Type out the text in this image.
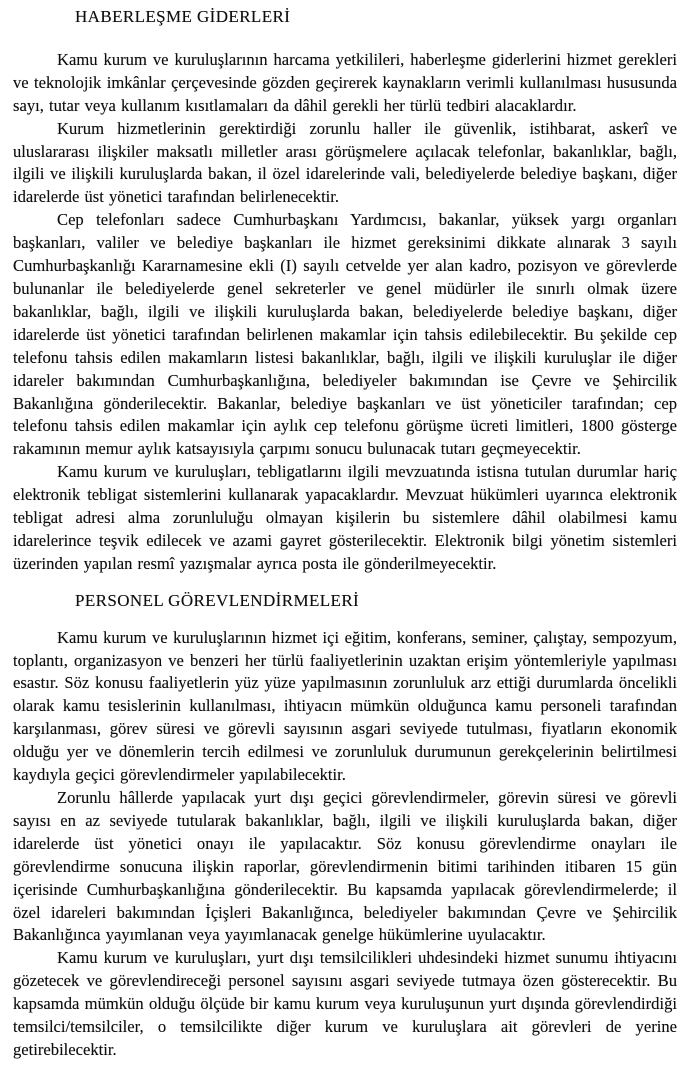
HABERLEŞME GİDERLERİ

Kamu kurum ve kuruluşlarının harcama yetkilileri, haberleşme giderlerini hizmet gerekleri ve teknolojik imkânlar çerçevesinde gözden geçirerek kaynakların verimli kullanılması hususunda sayı, tutar veya kullanım kısıtlamaları da dâhil gerekli her türlü tedbiri alacaklardır.

Kurum hizmetlerinin gerektirdiği zorunlu haller ile güvenlik, istihbarat, askerî ve uluslararası ilişkiler maksatlı milletler arası görüşmelere açılacak telefonlar, bakanlıklar, bağlı, ilgili ve ilişkili kuruluşlarda bakan, il özel idarelerinde vali, belediyelerde belediye başkanı, diğer idarelerde üst yönetici tarafından belirlenecektir.

Cep telefonları sadece Cumhurbaşkanı Yardımcısı, bakanlar, yüksek yargı organları başkanları, valiler ve belediye başkanları ile hizmet gereksinimi dikkate alınarak 3 sayılı Cumhurbaşkanlığı Kararnamesine ekli (I) sayılı cetvelde yer alan kadro, pozisyon ve görevlerde bulunanlar ile belediyelerde genel sekreterler ve genel müdürler ile sınırlı olmak üzere bakanlıklar, bağlı, ilgili ve ilişkili kuruluşlarda bakan, belediyelerde belediye başkanı, diğer idarelerde üst yönetici tarafından belirlenen makamlar için tahsis edilebilecektir. Bu şekilde cep telefonu tahsis edilen makamların listesi bakanlıklar, bağlı, ilgili ve ilişkili kuruluşlar ile diğer idareler bakımından Cumhurbaşkanlığına, belediyeler bakımından ise Çevre ve Şehircilik Bakanlığına gönderilecektir. Bakanlar, belediye başkanları ve üst yöneticiler tarafından; cep telefonu tahsis edilen makamlar için aylık cep telefonu görüşme ücreti limitleri, 1800 gösterge rakamının memur aylık katsayısıyla çarpımı sonucu bulunacak tutarı geçmeyecektir.

Kamu kurum ve kuruluşları, tebligatlarını ilgili mevzuatında istisna tutulan durumlar hariç elektronik tebligat sistemlerini kullanarak yapacaklardır. Mevzuat hükümleri uyarınca elektronik tebligat adresi alma zorunluluğu olmayan kişilerin bu sistemlere dâhil olabilmesi kamu idarelerince teşvik edilecek ve azami gayret gösterilecektir. Elektronik bilgi yönetim sistemleri üzerinden yapılan resmî yazışmalar ayrıca posta ile gönderilmeyecektir.

PERSONEL GÖREVLENDİRMELERİ

Kamu kurum ve kuruluşlarının hizmet içi eğitim, konferans, seminer, çalıştay, sempozyum, toplantı, organizasyon ve benzeri her türlü faaliyetlerinin uzaktan erişim yöntemleriyle yapılması esastır. Söz konusu faaliyetlerin yüz yüze yapılmasının zorunluluk arz ettiği durumlarda öncelikli olarak kamu tesislerinin kullanılması, ihtiyacın mümkün olduğunca kamu personeli tarafından karşılanması, görev süresi ve görevli sayısının asgari seviyede tutulması, fiyatların ekonomik olduğu yer ve dönemlerin tercih edilmesi ve zorunluluk durumunun gerekçelerinin belirtilmesi kaydıyla geçici görevlendirmeler yapılabilecektir.

Zorunlu hâllerde yapılacak yurt dışı geçici görevlendirmeler, görevin süresi ve görevli sayısı en az seviyede tutularak bakanlıklar, bağlı, ilgili ve ilişkili kuruluşlarda bakan, diğer idarelerde üst yönetici onayı ile yapılacaktır. Söz konusu görevlendirme onayları ile görevlendirme sonucuna ilişkin raporlar, görevlendirmenin bitimi tarihinden itibaren 15 gün içerisinde Cumhurbaşkanlığına gönderilecektir. Bu kapsamda yapılacak görevlendirmelerde; il özel idareleri bakımından İçişleri Bakanlığınca, belediyeler bakımından Çevre ve Şehircilik Bakanlığınca yayımlanan veya yayımlanacak genelge hükümlerine uyulacaktır.

Kamu kurum ve kuruluşları, yurt dışı temsilcilikleri uhdesindeki hizmet sunumu ihtiyacını gözetecek ve görevlendireceği personel sayısını asgari seviyede tutmaya özen gösterecektir. Bu kapsamda mümkün olduğu ölçüde bir kamu kurum veya kuruluşunun yurt dışında görevlendirdiği temsilci/temsilciler, o temsilcilikte diğer kurum ve kuruluşlara ait görevleri de yerine getirebilecektir.
